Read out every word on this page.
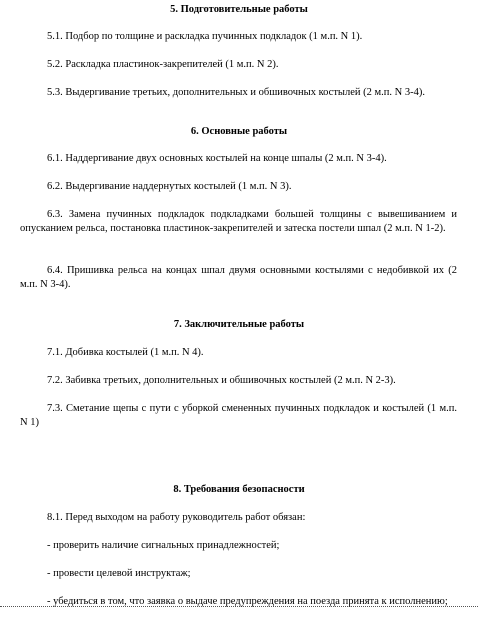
5. Подготовительные работы
5.1. Подбор по толщине и раскладка пучинных подкладок (1 м.п. N 1).
5.2. Раскладка пластинок-закрепителей (1 м.п. N 2).
5.3. Выдергивание третьих, дополнительных и обшивочных костылей (2 м.п. N 3-4).
6. Основные работы
6.1. Наддергивание двух основных костылей на конце шпалы (2 м.п. N 3-4).
6.2. Выдергивание наддернутых костылей (1 м.п. N 3).
6.3. Замена пучинных подкладок подкладками большей толщины с вывешиванием и опусканием рельса, постановка пластинок-закрепителей и затеска постели шпал (2 м.п. N 1-2).
6.4. Пришивка рельса на концах шпал двумя основными костылями с недобивкой их (2 м.п. N 3-4).
7. Заключительные работы
7.1. Добивка костылей (1 м.п. N 4).
7.2. Забивка третьих, дополнительных и обшивочных костылей (2 м.п. N 2-3).
7.3. Сметание щепы с пути с уборкой смененных пучинных подкладок и костылей (1 м.п. N 1)
8. Требования безопасности
8.1. Перед выходом на работу руководитель работ обязан:
- проверить наличие сигнальных принадлежностей;
- провести целевой инструктаж;
- убедиться в том, что заявка о выдаче предупреждения на поезда принята к исполнению;
